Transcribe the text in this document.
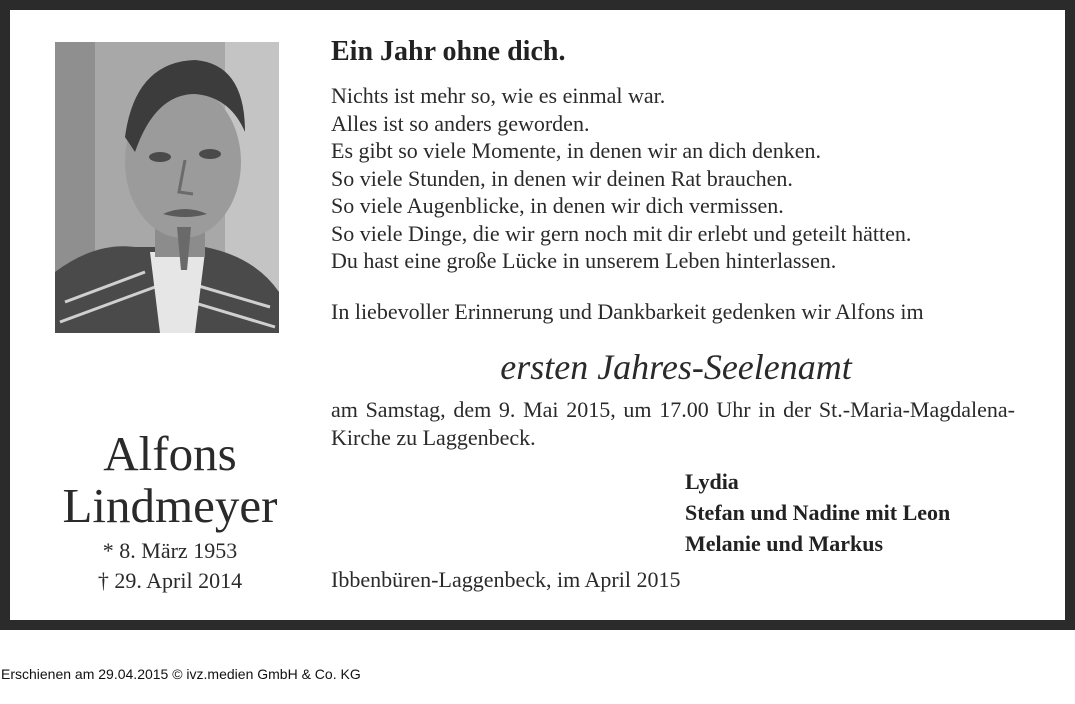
Alfons
Lindmeyer
* 8. März 1953
† 29. April 2014
Ein Jahr ohne dich.
Nichts ist mehr so, wie es einmal war.
Alles ist so anders geworden.
Es gibt so viele Momente, in denen wir an dich denken.
So viele Stunden, in denen wir deinen Rat brauchen.
So viele Augenblicke, in denen wir dich vermissen.
So viele Dinge, die wir gern noch mit dir erlebt und geteilt hätten.
Du hast eine große Lücke in unserem Leben hinterlassen.
In liebevoller Erinnerung und Dankbarkeit gedenken wir Alfons im
ersten Jahres-Seelenamt
am Samstag, dem 9. Mai 2015, um 17.00 Uhr in der St.-Maria-Magdalena-Kirche zu Laggenbeck.
Lydia
Stefan und Nadine mit Leon
Melanie und Markus
Ibbenbüren-Laggenbeck, im April 2015
Erschienen am 29.04.2015 © ivz.medien GmbH & Co. KG
